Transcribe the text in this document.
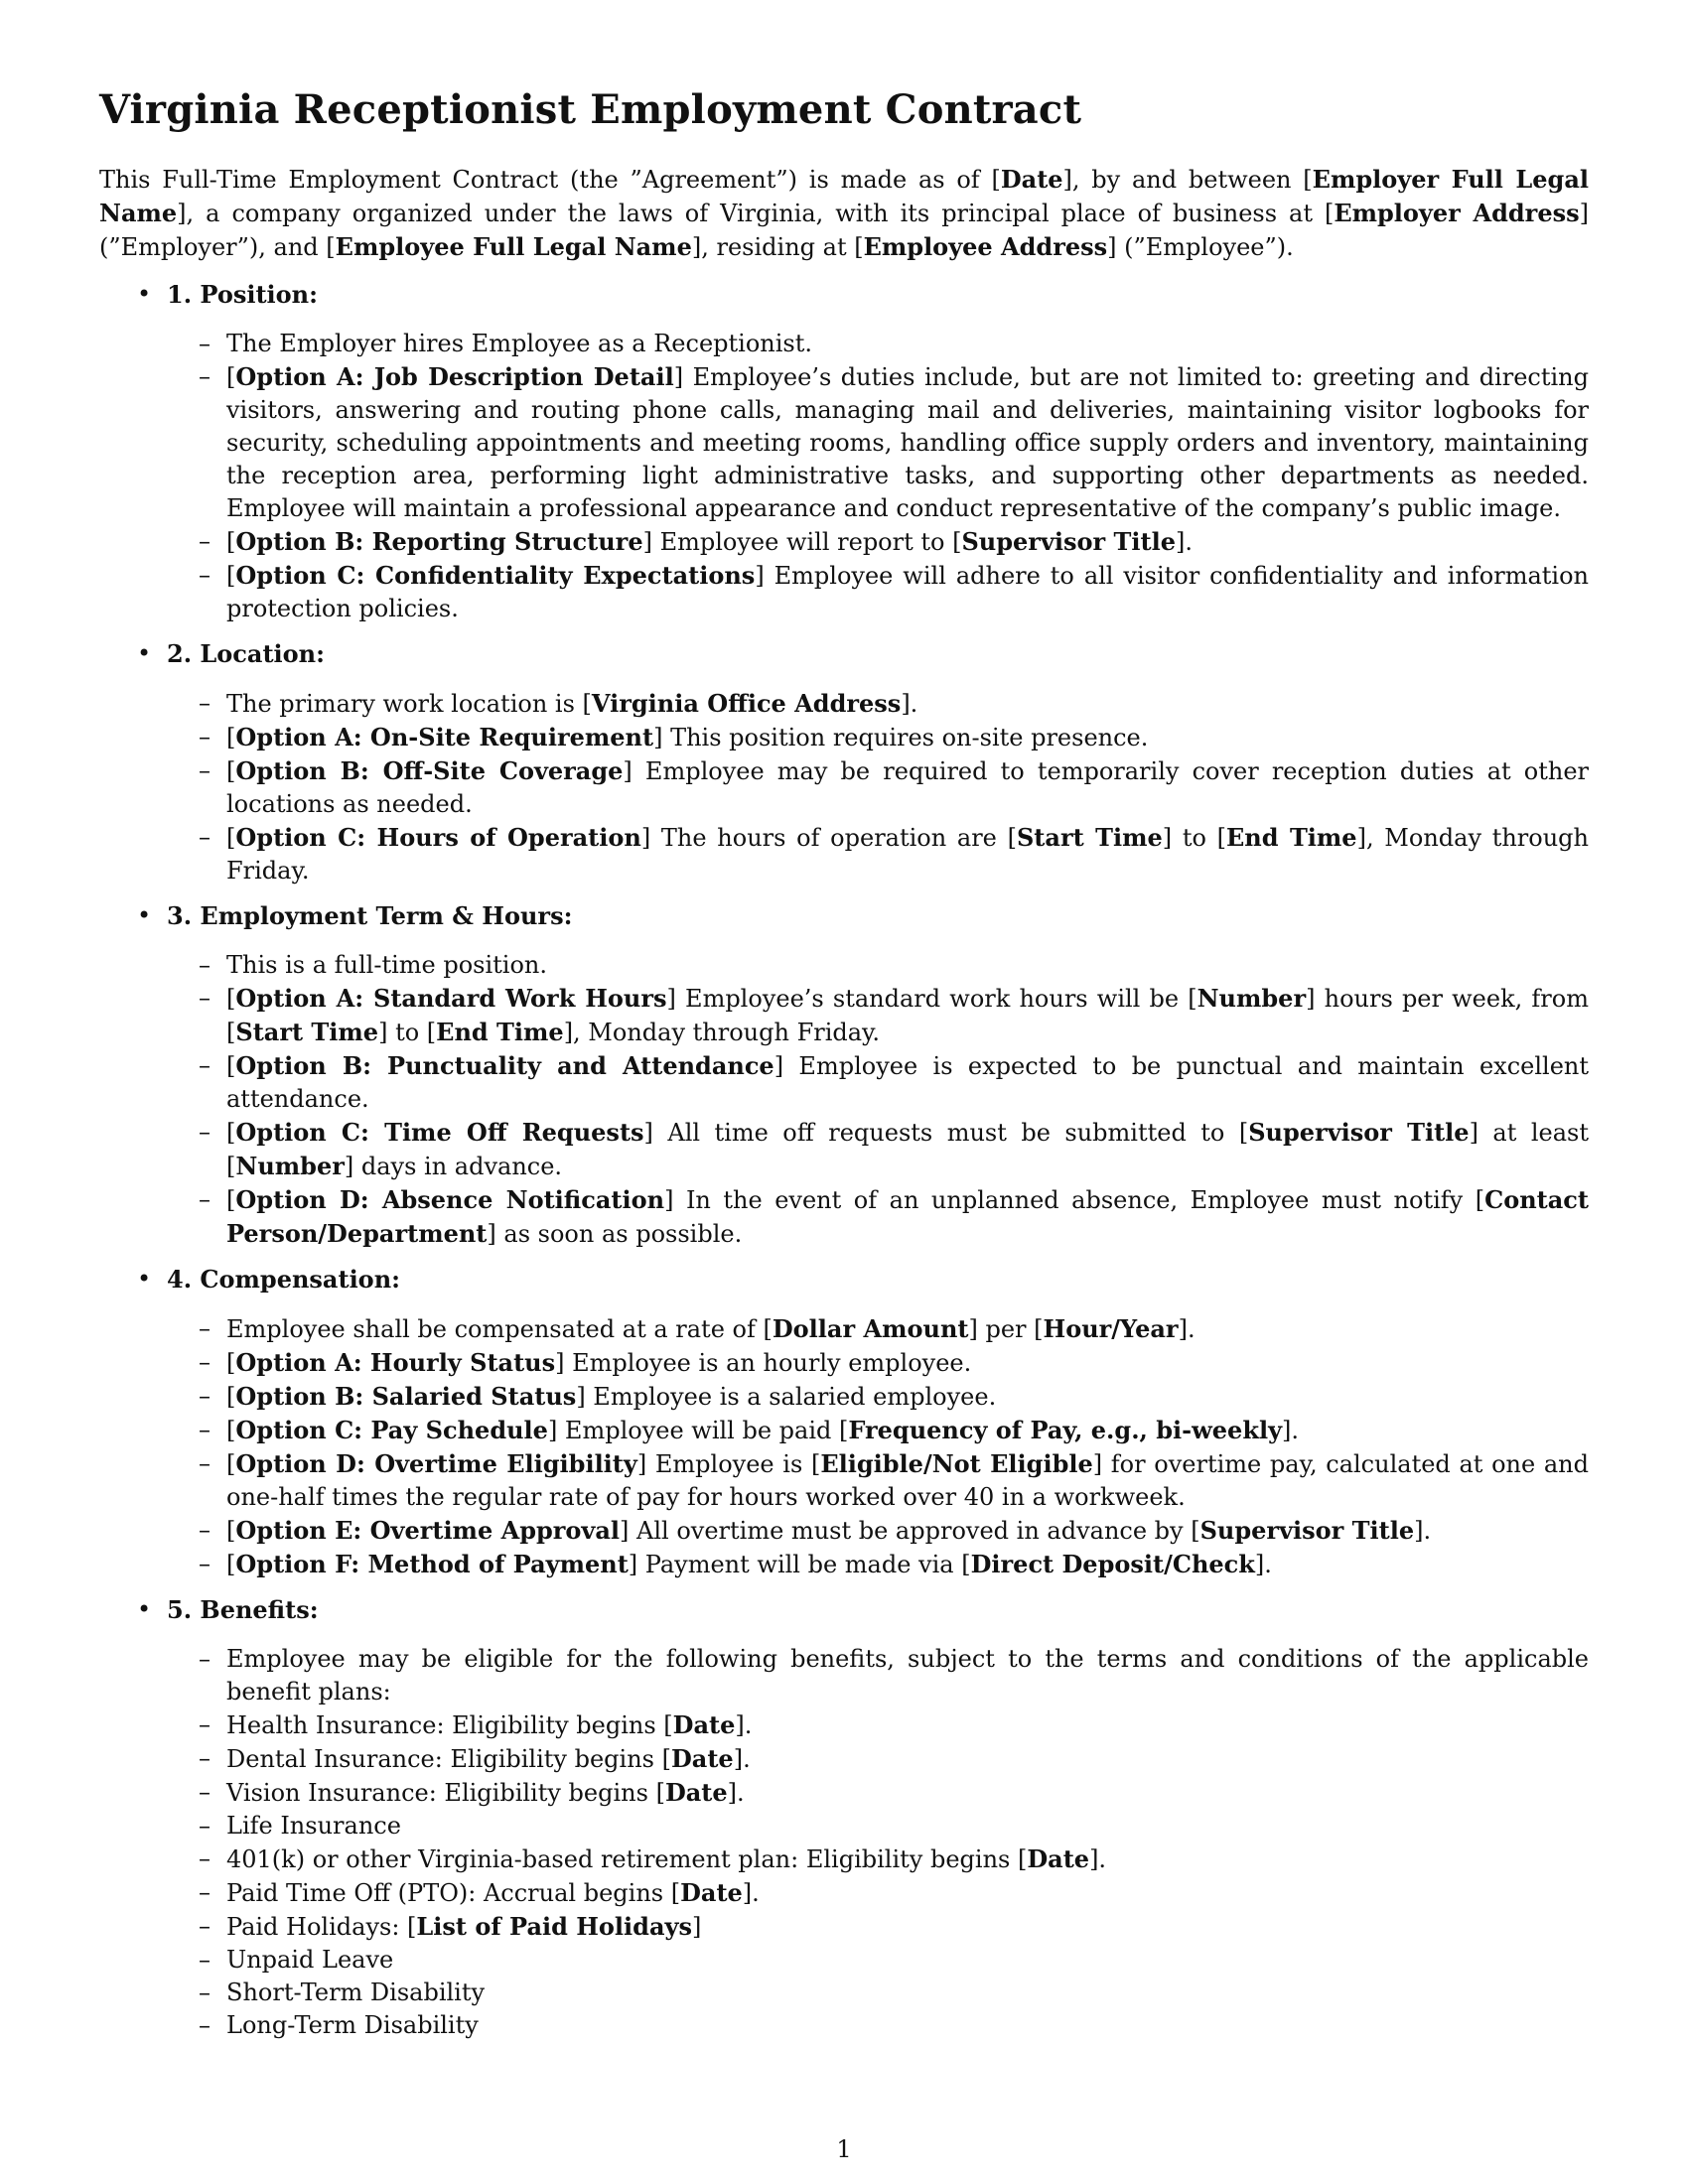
Virginia Receptionist Employment Contract

This Full-Time Employment Contract (the ”Agreement”) is made as of [Date], by and between [Employer Full Legal Name], a company organized under the laws of Virginia, with its principal place of business at [Employer Address] (”Employer”), and [Employee Full Legal Name], residing at [Employee Address] (”Employee”).

• 1. Position:
– The Employer hires Employee as a Receptionist.
– [Option A: Job Description Detail] Employee’s duties include, but are not limited to: greeting and directing visitors, answering and routing phone calls, managing mail and deliveries, maintaining visitor logbooks for security, scheduling appointments and meeting rooms, handling office supply orders and inventory, maintaining the reception area, performing light administrative tasks, and supporting other departments as needed. Employee will maintain a professional appearance and conduct representative of the company’s public image.
– [Option B: Reporting Structure] Employee will report to [Supervisor Title].
– [Option C: Confidentiality Expectations] Employee will adhere to all visitor confidentiality and information protection policies.
• 2. Location:
– The primary work location is [Virginia Office Address].
– [Option A: On-Site Requirement] This position requires on-site presence.
– [Option B: Off-Site Coverage] Employee may be required to temporarily cover reception duties at other locations as needed.
– [Option C: Hours of Operation] The hours of operation are [Start Time] to [End Time], Monday through Friday.
• 3. Employment Term & Hours:
– This is a full-time position.
– [Option A: Standard Work Hours] Employee’s standard work hours will be [Number] hours per week, from [Start Time] to [End Time], Monday through Friday.
– [Option B: Punctuality and Attendance] Employee is expected to be punctual and maintain excellent attendance.
– [Option C: Time Off Requests] All time off requests must be submitted to [Supervisor Title] at least [Number] days in advance.
– [Option D: Absence Notification] In the event of an unplanned absence, Employee must notify [Contact Person/Department] as soon as possible.
• 4. Compensation:
– Employee shall be compensated at a rate of [Dollar Amount] per [Hour/Year].
– [Option A: Hourly Status] Employee is an hourly employee.
– [Option B: Salaried Status] Employee is a salaried employee.
– [Option C: Pay Schedule] Employee will be paid [Frequency of Pay, e.g., bi-weekly].
– [Option D: Overtime Eligibility] Employee is [Eligible/Not Eligible] for overtime pay, calculated at one and one-half times the regular rate of pay for hours worked over 40 in a workweek.
– [Option E: Overtime Approval] All overtime must be approved in advance by [Supervisor Title].
– [Option F: Method of Payment] Payment will be made via [Direct Deposit/Check].
• 5. Benefits:
– Employee may be eligible for the following benefits, subject to the terms and conditions of the applicable benefit plans:
– Health Insurance: Eligibility begins [Date].
– Dental Insurance: Eligibility begins [Date].
– Vision Insurance: Eligibility begins [Date].
– Life Insurance
– 401(k) or other Virginia-based retirement plan: Eligibility begins [Date].
– Paid Time Off (PTO): Accrual begins [Date].
– Paid Holidays: [List of Paid Holidays]
– Unpaid Leave
– Short-Term Disability
– Long-Term Disability
1
